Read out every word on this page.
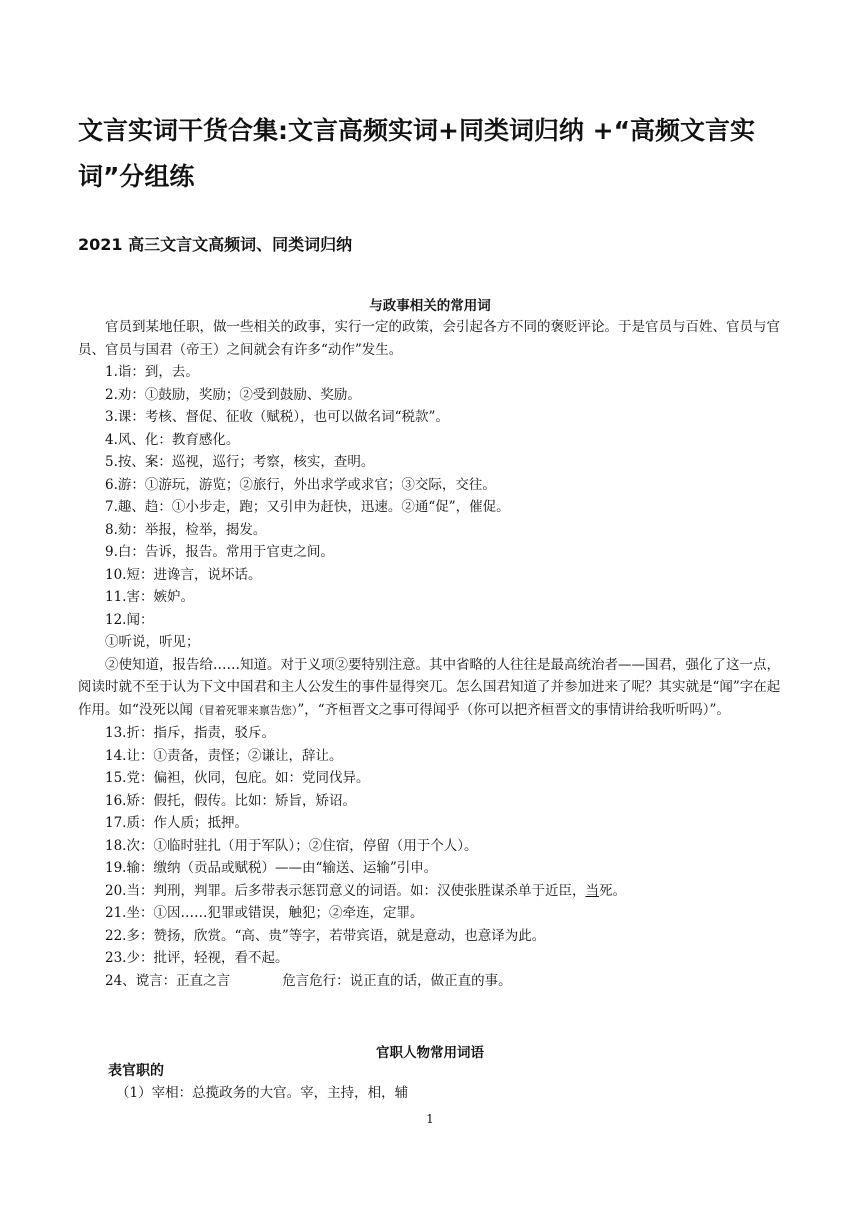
文言实词干货合集:文言高频实词+同类词归纳 +“高频文言实词”分组练
2021 高三文言文高频词、同类词归纳
与政事相关的常用词

官员到某地任职，做一些相关的政事，实行一定的政策，会引起各方不同的褒贬评论。于是官员与百姓、官员与官员、官员与国君（帝王）之间就会有许多“动作”发生。

1.诣：到，去。

2.劝：①鼓励，奖励；②受到鼓励、奖励。

3.课：考核、督促、征收（赋税），也可以做名词“税款”。

4.风、化：教育感化。

5.按、案：巡视，巡行；考察，核实，查明。

6.游：①游玩，游览；②旅行，外出求学或求官；③交际，交往。

7.趣、趋：①小步走，跑；又引申为赶快，迅速。②通“促”，催促。

8.劾：举报，检举，揭发。

9.白：告诉，报告。常用于官吏之间。

10.短：进谗言，说坏话。

11.害：嫉妒。

12.闻：

①听说，听见；

②使知道，报告给……知道。对于义项②要特别注意。其中省略的人往往是最高统治者——国君，强化了这一点，阅读时就不至于认为下文中国君和主人公发生的事件显得突兀。怎么国君知道了并参加进来了呢？其实就是“闻”字在起作用。如“没死以闻（冒着死罪来禀告您）”，“齐桓晋文之事可得闻乎（你可以把齐桓晋文的事情讲给我听听吗）”。

13.折：指斥，指责，驳斥。

14.让：①责备，责怪；②谦让，辞让。

15.党：偏袒，伙同，包庇。如：党同伐异。

16.矫：假托，假传。比如：矫旨，矫诏。

17.质：作人质；抵押。

18.次：①临时驻扎（用于军队）；②住宿，停留（用于个人）。

19.输：缴纳（贡品或赋税）——由“输送、运输”引申。

20.当：判刑，判罪。后多带表示惩罚意义的词语。如：汉使张胜谋杀单于近臣，当死。

21.坐：①因……犯罪或错误，触犯；②牵连，定罪。

22.多：赞扬，欣赏。“高、贵”等字，若带宾语，就是意动，也意译为此。

23.少：批评，轻视，看不起。

24、谠言：正直之言	危言危行：说正直的话，做正直的事。

官职人物常用词语
表官职的

（1）宰相：总揽政务的大官。宰，主持，相，辅

1
